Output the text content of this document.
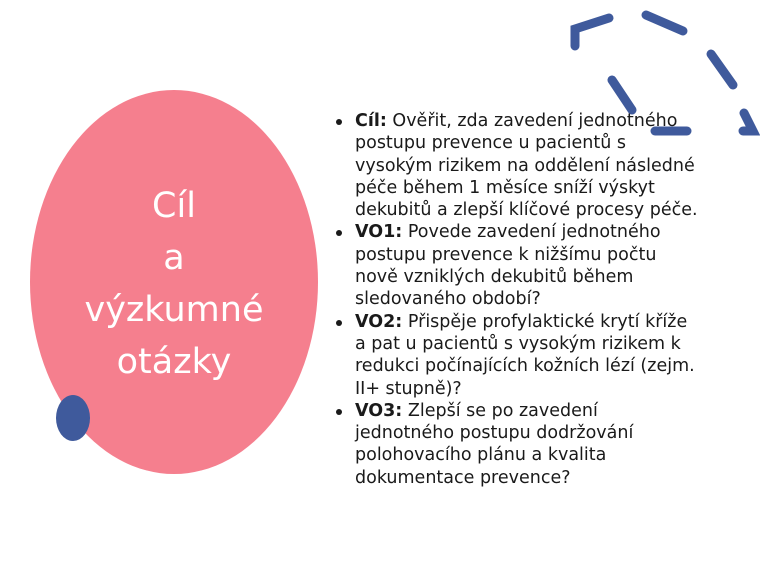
Cíl
a
výzkumné
otázky
Cíl: Ověřit, zda zavedení jednotného postupu prevence u pacientů s vysokým rizikem na oddělení následné péče během 1 měsíce sníží výskyt dekubitů a zlepší klíčové procesy péče.
VO1: Povede zavedení jednotného postupu prevence k nižšímu počtu nově vzniklých dekubitů během sledovaného období?
VO2: Přispěje profylaktické krytí kříže a pat u pacientů s vysokým rizikem k redukci počínajících kožních lézí (zejm. II+ stupně)?
VO3: Zlepší se po zavedení jednotného postupu dodržování polohovacího plánu a kvalita dokumentace prevence?
